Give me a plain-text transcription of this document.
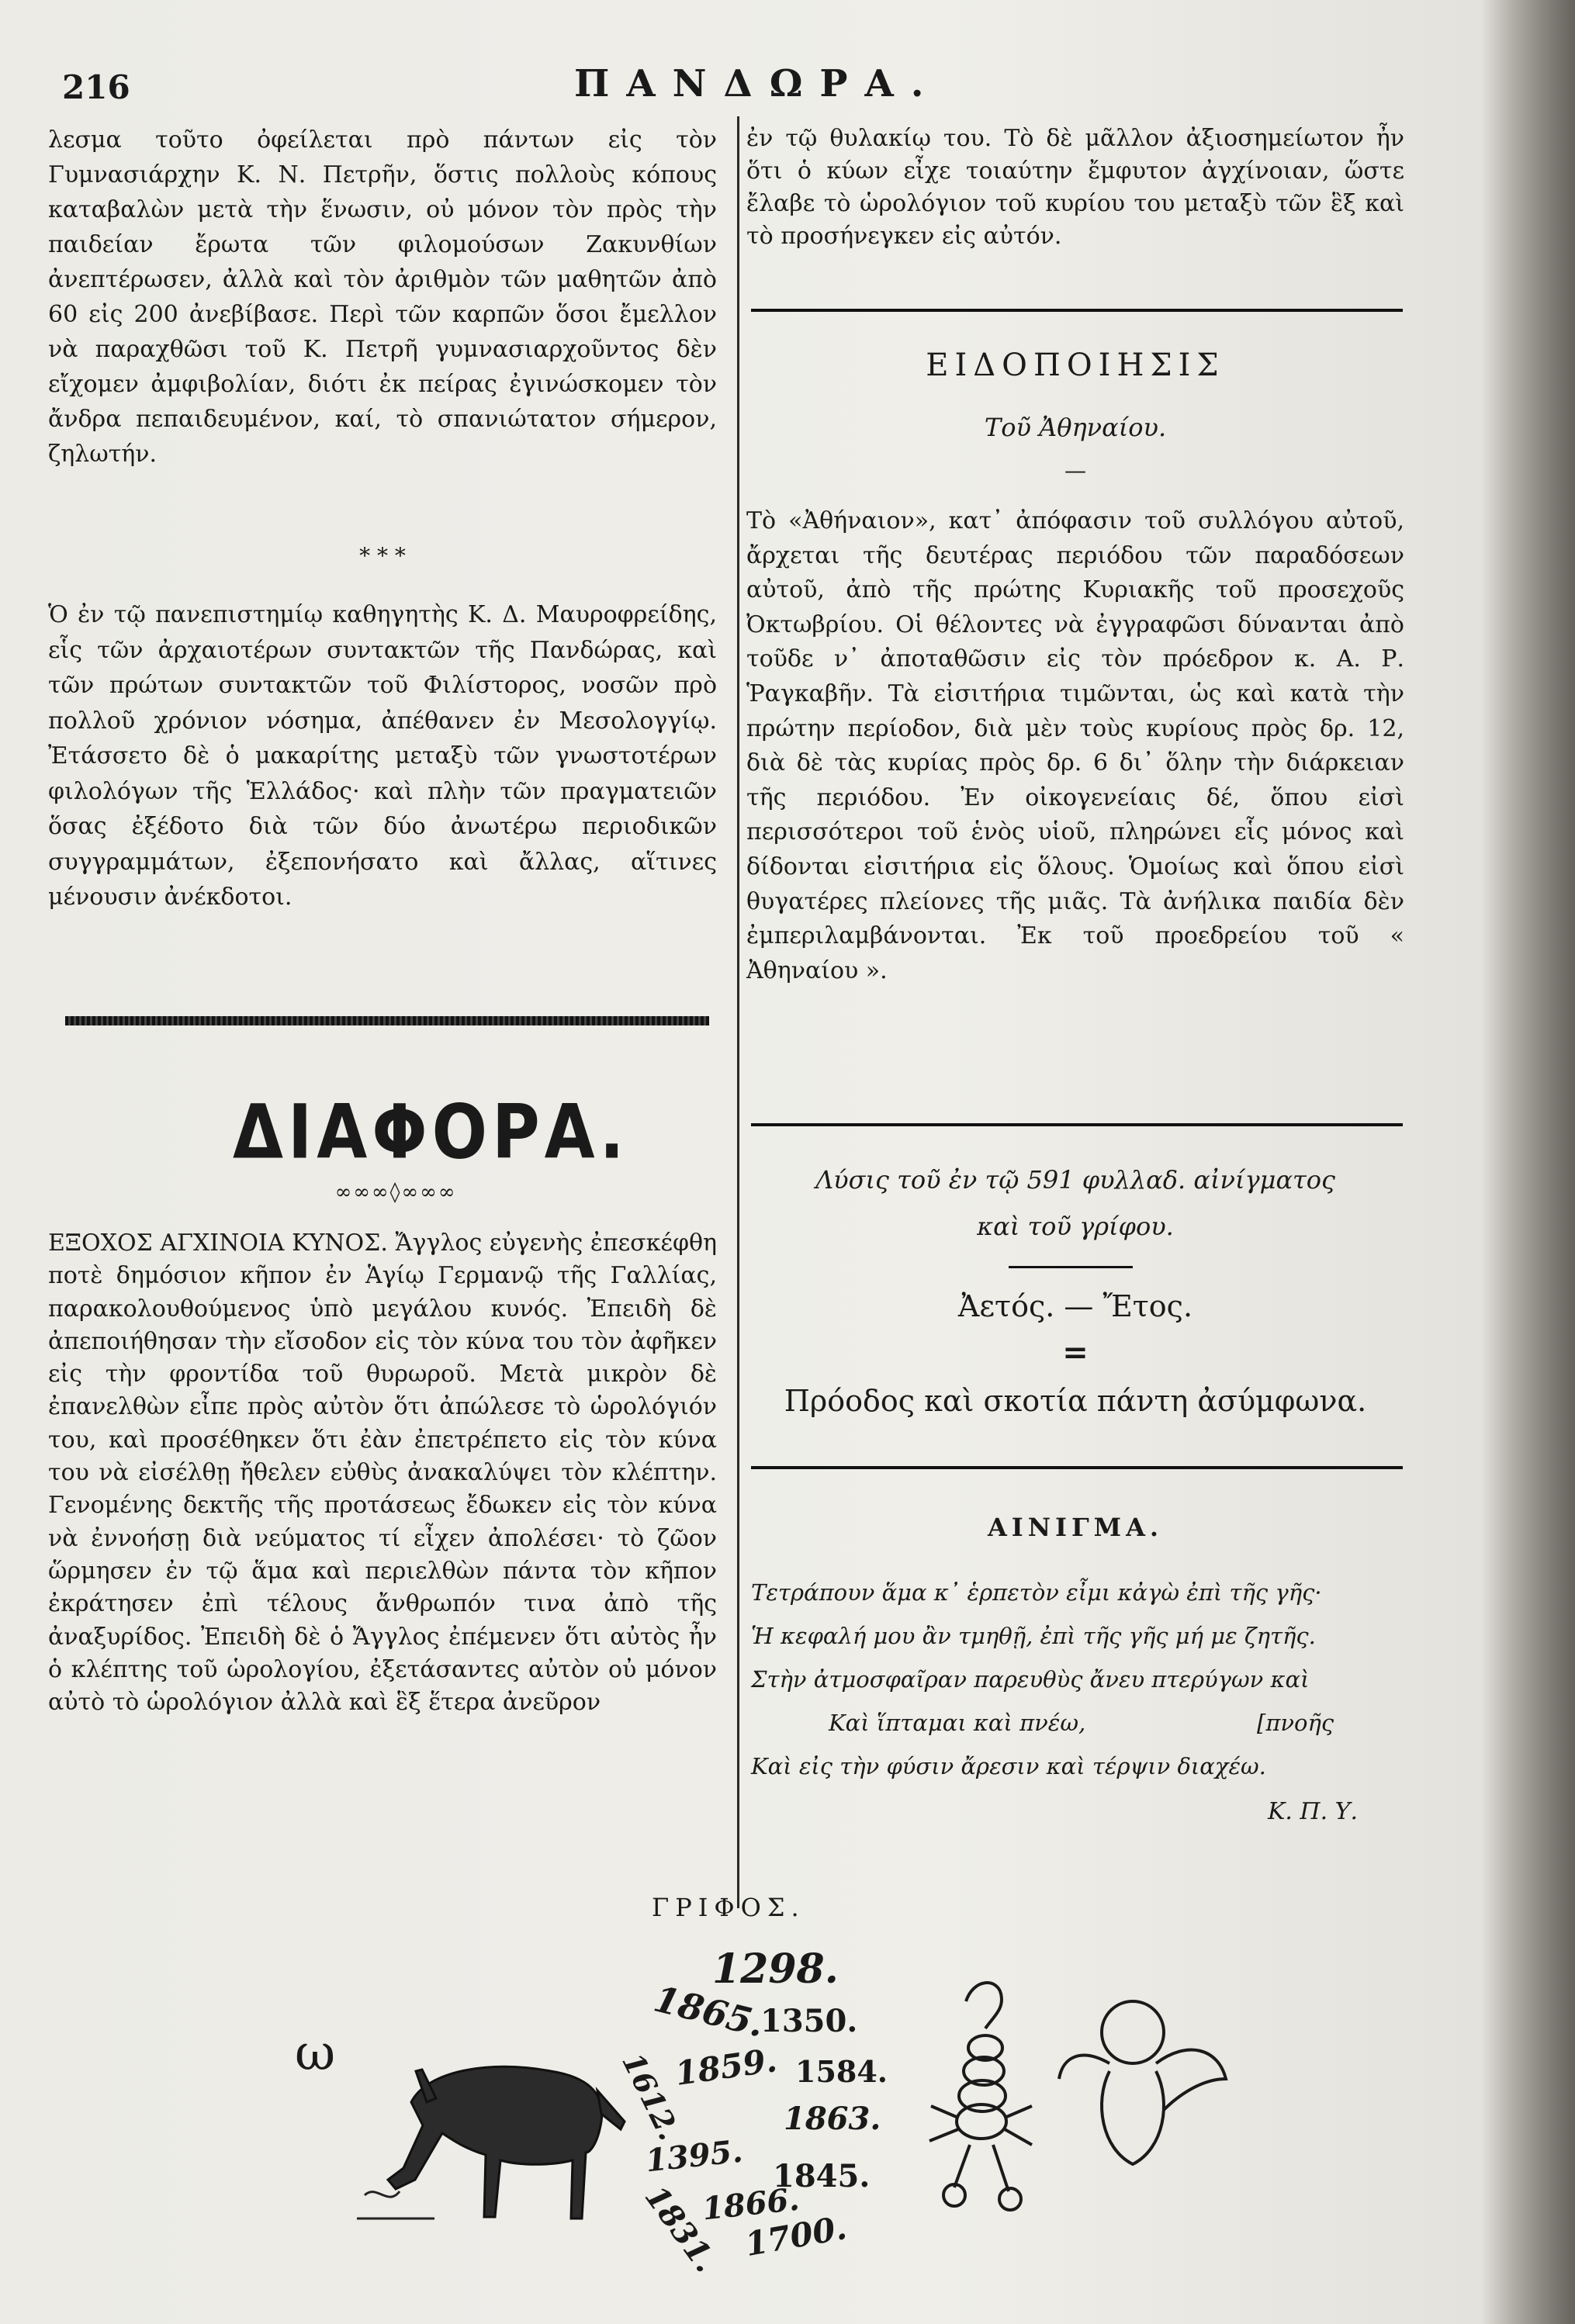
216	ΠΑΝΔΩΡΑ.
λεσμα τοῦτο ὀφείλεται πρὸ πάντων εἰς τὸν Γυμνασιάρχην Κ. Ν. Πετρῆν, ὅστις πολλοὺς κόπους καταβαλὼν μετὰ τὴν ἕνωσιν, οὐ μόνον τὸν πρὸς τὴν παιδείαν ἔρωτα τῶν φιλομούσων Ζακυνθίων ἀνεπτέρωσεν, ἀλλὰ καὶ τὸν ἀριθμὸν τῶν μαθητῶν ἀπὸ 60 εἰς 200 ἀνεβίβασε. Περὶ τῶν καρπῶν ὅσοι ἔμελλον νὰ παραχθῶσι τοῦ Κ. Πετρῆ γυμνασιαρχοῦντος δὲν εἴχομεν ἀμφιβολίαν, διότι ἐκ πείρας ἐγινώσκομεν τὸν ἄνδρα πεπαιδευμένον, καί, τὸ σπανιώτατον σήμερον, ζηλωτήν.
* * *
Ὁ ἐν τῷ πανεπιστημίῳ καθηγητὴς Κ. Δ. Μαυροφρείδης, εἷς τῶν ἀρχαιοτέρων συντακτῶν τῆς Πανδώρας, καὶ τῶν πρώτων συντακτῶν τοῦ Φιλίστορος, νοσῶν πρὸ πολλοῦ χρόνιον νόσημα, ἀπέθανεν ἐν Μεσολογγίῳ. Ἐτάσσετο δὲ ὁ μακαρίτης μεταξὺ τῶν γνωστοτέρων φιλολόγων τῆς Ἑλλάδος· καὶ πλὴν τῶν πραγματειῶν ὅσας ἐξέδοτο διὰ τῶν δύο ἀνωτέρω περιοδικῶν συγγραμμάτων, ἐξεπονήσατο καὶ ἄλλας, αἵτινες μένουσιν ἀνέκδοτοι.
ΔΙΑΦΟΡΑ.
∞∞∞◊∞∞∞
ΕΞΟΧΟΣ ΑΓΧΙΝΟΙΑ ΚΥΝΟΣ. Ἄγγλος εὐγενὴς ἐπεσκέφθη ποτὲ δημόσιον κῆπον ἐν Ἁγίῳ Γερμανῷ τῆς Γαλλίας, παρακολουθούμενος ὑπὸ μεγάλου κυνός. Ἐπειδὴ δὲ ἀπεποιήθησαν τὴν εἴσοδον εἰς τὸν κύνα του τὸν ἀφῆκεν εἰς τὴν φροντίδα τοῦ θυρωροῦ. Μετὰ μικρὸν δὲ ἐπανελθὼν εἶπε πρὸς αὐτὸν ὅτι ἀπώλεσε τὸ ὡρολόγιόν του, καὶ προσέθηκεν ὅτι ἐὰν ἐπετρέπετο εἰς τὸν κύνα του νὰ εἰσέλθῃ ἤθελεν εὐθὺς ἀνακαλύψει τὸν κλέπτην. Γενομένης δεκτῆς τῆς προτάσεως ἔδωκεν εἰς τὸν κύνα νὰ ἐννοήσῃ διὰ νεύματος τί εἶχεν ἀπολέσει· τὸ ζῶον ὥρμησεν ἐν τῷ ἅμα καὶ περιελθὼν πάντα τὸν κῆπον ἐκράτησεν ἐπὶ τέλους ἄνθρωπόν τινα ἀπὸ τῆς ἀναξυρίδος. Ἐπειδὴ δὲ ὁ Ἄγγλος ἐπέμενεν ὅτι αὐτὸς ἦν ὁ κλέπτης τοῦ ὡρολογίου, ἐξετάσαντες αὐτὸν οὐ μόνον αὐτὸ τὸ ὡρολόγιον ἀλλὰ καὶ ἓξ ἕτερα ἀνεῦρον
ἐν τῷ θυλακίῳ του. Τὸ δὲ μᾶλλον ἀξιοσημείωτον ἦν ὅτι ὁ κύων εἶχε τοιαύτην ἔμφυτον ἀγχίνοιαν, ὥστε ἔλαβε τὸ ὡρολόγιον τοῦ κυρίου του μεταξὺ τῶν ἓξ καὶ τὸ προσήνεγκεν εἰς αὐτόν.
ΕΙΔΟΠΟΙΗΣΙΣ
Τοῦ Ἀθηναίου.
—
Τὸ «Ἀθήναιον», κατ᾽ ἀπόφασιν τοῦ συλλόγου αὐτοῦ, ἄρχεται τῆς δευτέρας περιόδου τῶν παραδόσεων αὐτοῦ, ἀπὸ τῆς πρώτης Κυριακῆς τοῦ προσεχοῦς Ὀκτωβρίου. Οἱ θέλοντες νὰ ἐγγραφῶσι δύνανται ἀπὸ τοῦδε ν᾽ ἀποταθῶσιν εἰς τὸν πρόεδρον κ. Α. Ρ. Ῥαγκαβῆν. Τὰ εἰσιτήρια τιμῶνται, ὡς καὶ κατὰ τὴν πρώτην περίοδον, διὰ μὲν τοὺς κυρίους πρὸς δρ. 12, διὰ δὲ τὰς κυρίας πρὸς δρ. 6 δι᾽ ὅλην τὴν διάρκειαν τῆς περιόδου. Ἐν οἰκογενείαις δέ, ὅπου εἰσὶ περισσότεροι τοῦ ἑνὸς υἱοῦ, πληρώνει εἷς μόνος καὶ δίδονται εἰσιτήρια εἰς ὅλους. Ὁμοίως καὶ ὅπου εἰσὶ θυγατέρες πλείονες τῆς μιᾶς. Τὰ ἀνήλικα παιδία δὲν ἐμπεριλαμβάνονται. Ἐκ τοῦ προεδρείου τοῦ « Ἀθηναίου ».
Λύσις τοῦ ἐν τῷ 591 φυλλαδ. αἰνίγματος
καὶ τοῦ γρίφου.
Ἀετός. — Ἔτος.
=
Πρόοδος καὶ σκοτία πάντη ἀσύμφωνα.
ΑΙΝΙΓΜΑ.
Τετράπουν ἅμα κ᾽ ἑρπετὸν εἶμι κἀγὼ ἐπὶ τῆς γῆς·
Ἡ κεφαλή μου ἂν τμηθῇ, ἐπὶ τῆς γῆς μή με ζητῆς.
Στὴν ἀτμοσφαῖραν παρευθὺς ἄνευ πτερύγων καὶ
Καὶ ἵπταμαι καὶ πνέω,	[πνοῆς
Καὶ εἰς τὴν φύσιν ἄρεσιν καὶ τέρψιν διαχέω.
Κ. Π. Υ.
ΓΡΙΦΟΣ.
ω
1298.
1865.
1350.
1859. 1584.
1612.	1863.
1395. 1845.
1866.
1831. 1700.
